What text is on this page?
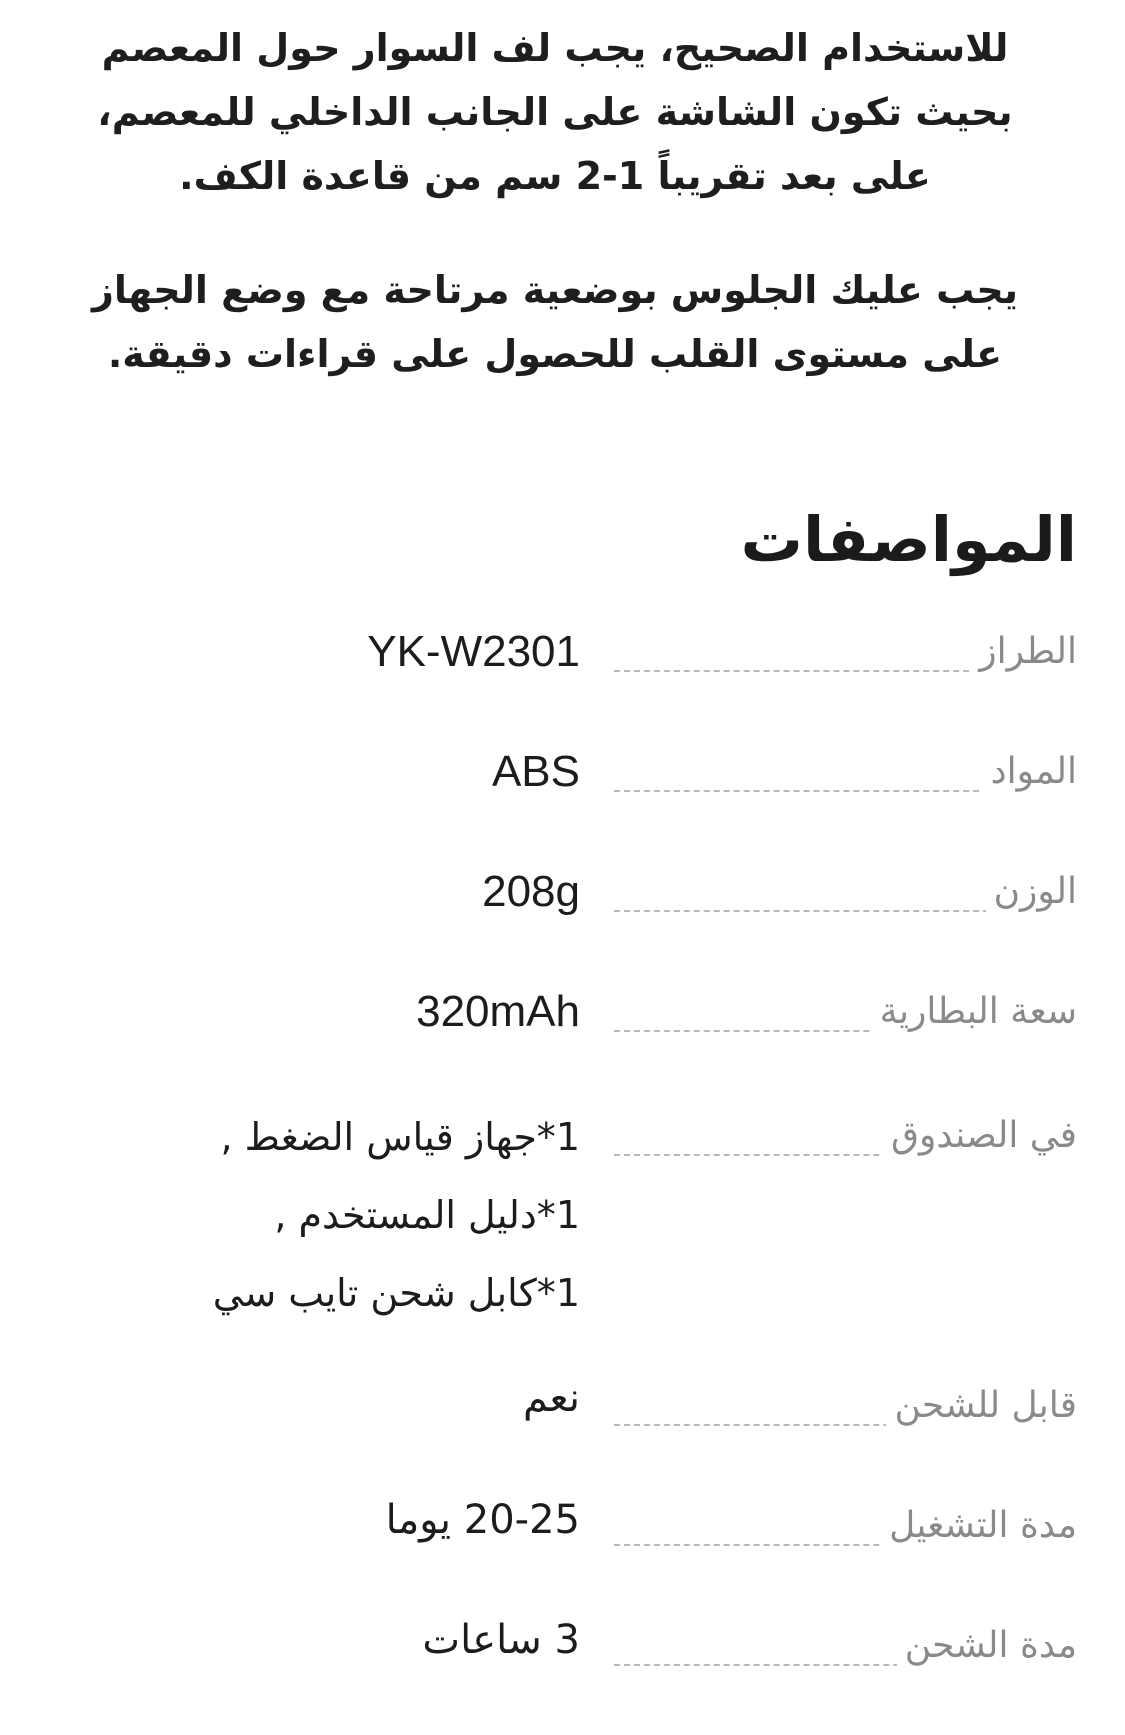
للاستخدام الصحيح، يجب لف السوار حول المعصم بحيث تكون الشاشة على الجانب الداخلي للمعصم، على بعد تقريباً 1-2 سم من قاعدة الكف.

يجب عليك الجلوس بوضعية مرتاحة مع وضع الجهاز على مستوى القلب للحصول على قراءات دقيقة.

المواصفات
الطراز
YK-W2301
المواد
ABS
الوزن
208g
سعة البطارية
320mAh
في الصندوق
1*جهاز قياس الضغط ,
1*دليل المستخدم ,
1*كابل شحن تايب سي
قابل للشحن
نعم
مدة التشغيل
20-25 يوما
مدة الشحن
3 ساعات
